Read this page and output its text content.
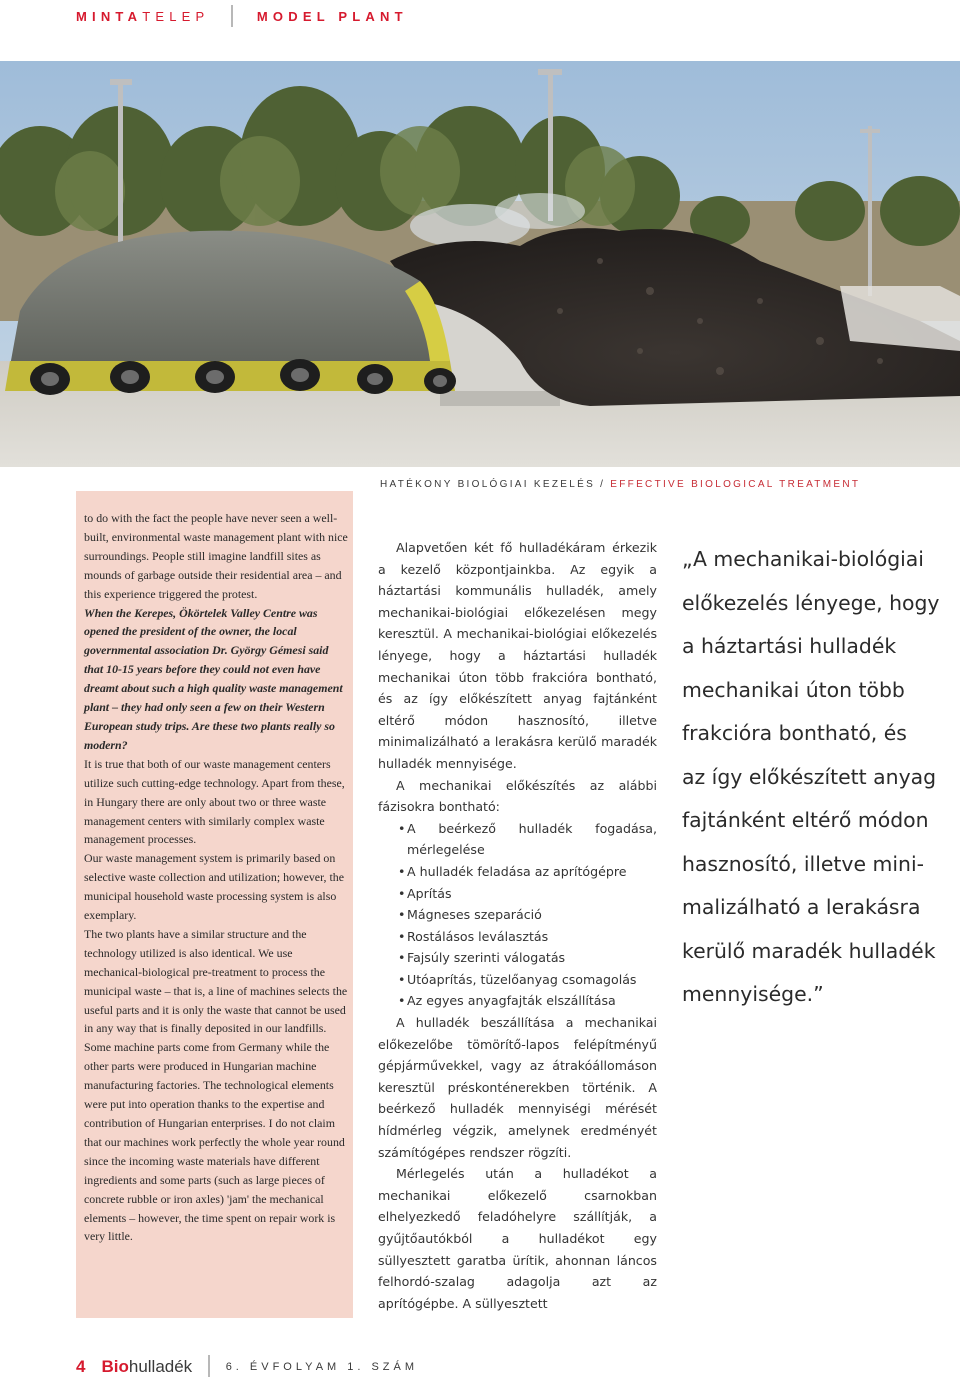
MINTATELEP	MODEL PLANT
HATÉKONY BIOLÓGIAI KEZELÉS / EFFECTIVE BIOLOGICAL TREATMENT

to do with the fact the people have never seen a well-built, environmental waste management plant with nice surroundings. People still imagine landfill sites as mounds of garbage outside their residential area – and this experience triggered the protest.

When the Kerepes, Ökörtelek Valley Centre was opened the president of the owner, the local governmental association Dr. György Gémesi said that 10-15 years before they could not even have dreamt about such a high quality waste management plant – they had only seen a few on their Western European study trips. Are these two plants really so modern?

It is true that both of our waste management centers utilize such cutting-edge technology. Apart from these, in Hungary there are only about two or three waste management centers with similarly complex waste management processes.

Our waste management system is primarily based on selective waste collection and utilization; however, the municipal household waste processing system is also exemplary.

The two plants have a similar structure and the technology utilized is also identical. We use mechanical-biological pre-treatment to process the municipal waste – that is, a line of machines selects the useful parts and it is only the waste that cannot be used in any way that is finally deposited in our landfills. Some machine parts come from Germany while the other parts were produced in Hungarian machine manufacturing factories. The technological elements were put into operation thanks to the expertise and contribution of Hungarian enterprises. I do not claim that our machines work perfectly the whole year round since the incoming waste materials have different ingredients and some parts (such as large pieces of concrete rubble or iron axles) 'jam' the mechanical elements – however, the time spent on repair work is very little.

Alapvetően két fő hulladékáram érkezik a kezelő központjainkba. Az egyik a háztartási kommunális hulladék, amely mechanikai-biológiai előkezelésen megy keresztül. A mechanikai-biológiai előkezelés lényege, hogy a háztartási hulladék mechanikai úton több frakcióra bontható, és az így előkészített anyag fajtánként eltérő módon hasznosító, illetve minimalizálható a lerakásra kerülő maradék hulladék mennyisége.

A mechanikai előkészítés az alábbi fázisokra bontható:

• A beérkező hulladék fogadása, mérlegelése
• A hulladék feladása az aprítógépre
• Aprítás
• Mágneses szeparáció
• Rostálásos leválasztás
• Fajsúly szerinti válogatás
• Utóaprítás, tüzelőanyag csomagolás
• Az egyes anyagfajták elszállítása

A hulladék beszállítása a mechanikai előkezelőbe tömörítő-lapos felépítményű gépjárművekkel, vagy az átrakóállomáson keresztül préskonténerekben történik. A beérkező hulladék mennyiségi mérését hídmérleg végzik, amelynek eredményét számítógépes rendszer rögzíti.

Mérlegelés után a hulladékot a mechanikai előkezelő csarnokban elhelyezkedő feladóhelyre szállítják, a gyűjtőautókból a hulladékot egy süllyesztett garatba ürítik, ahonnan láncos felhordó-szalag adagolja azt az aprítógépbe. A süllyesztett

„A mechanikai-biológiai
előkezelés lényege, hogy
a háztartási hulladék
mechanikai úton több
frakcióra bontható, és
az így előkészített anyag
fajtánként eltérő módon
hasznosító, illetve mini-
malizálható a lerakásra
kerülő maradék hulladék
mennyisége.”
4 Biohulladék	6. ÉVFOLYAM 1. SZÁM
